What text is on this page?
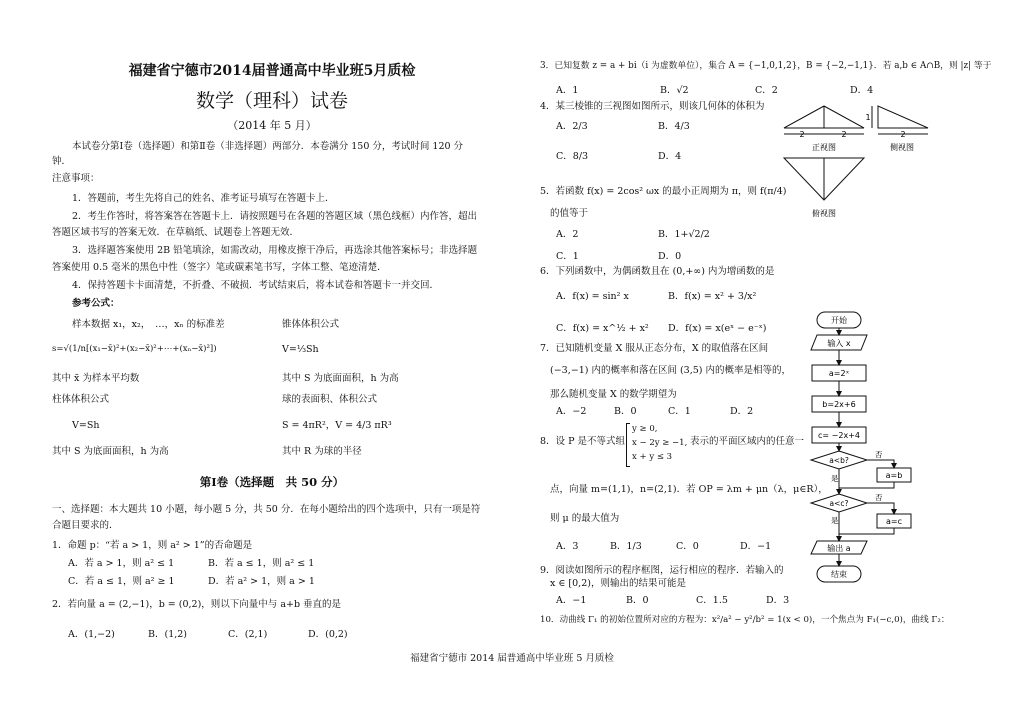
福建省宁德市2014届普通高中毕业班5月质检
数学（理科）试卷
（2014 年 5 月）
本试卷分第Ⅰ卷（选择题）和第Ⅱ卷（非选择题）两部分．本卷满分 150 分，考试时间 120 分
钟．
注意事项：
1．答题前，考生先将自己的姓名、准考证号填写在答题卡上．
2．考生作答时，将答案答在答题卡上．请按照题号在各题的答题区域（黑色线框）内作答，超出
答题区域书写的答案无效．在草稿纸、试题卷上答题无效．
3．选择题答案使用 2B 铅笔填涂，如需改动，用橡皮擦干净后，再选涂其他答案标号；非选择题
答案使用 0.5 毫米的黑色中性（签字）笔或碳素笔书写，字体工整、笔迹清楚．
4．保持答题卡卡面清楚，不折叠、不破损．考试结束后，将本试卷和答题卡一并交回．
参考公式：
样本数据 x₁，x₂，　…，xₙ 的标准差	锥体体积公式
s=√(1/n[(x₁−x̄)²+(x₂−x̄)²+⋯+(xₙ−x̄)²])	V=⅓Sh
其中 x̄ 为样本平均数	其中 S 为底面面积，h 为高
柱体体积公式	球的表面积、体积公式
V=Sh	S = 4πR²，V = 4/3 πR³
其中 S 为底面面积，h 为高	其中 R 为球的半径
第Ⅰ卷（选择题　共 50 分）
一、选择题：本大题共 10 小题，每小题 5 分，共 50 分．在每小题给出的四个选项中，只有一项是符
合题目要求的．
1．命题 p：“若 a > 1，则 a² > 1”的否命题是
A．若 a > 1，则 a² ≤ 1	B．若 a ≤ 1，则 a² ≤ 1
C．若 a ≤ 1，则 a² ≥ 1	D．若 a² > 1，则 a > 1
2．若向量 a = (2,−1)，b = (0,2)，则以下向量中与 a+b 垂直的是
A．(1,−2)	B．(1,2)	C．(2,1)	D．(0,2)
3．已知复数 z = a + bi（i 为虚数单位），集合 A = {−1,0,1,2}，B = {−2,−1,1}．若 a,b ∈ A∩B，则 |z| 等于
A．1	B．√2	C．2	D．4
4．某三棱锥的三视图如图所示，则该几何体的体积为
A．2/3	B．4/3
C．8/3	D．4
5．若函数 f(x) = 2cos² ωx 的最小正周期为 π，则 f(π/4)
的值等于
A．2	B．1+√2/2
C．1	D．0
6．下列函数中，为偶函数且在 (0,+∞) 内为增函数的是
A．f(x) = sin² x	B．f(x) = x² + 3/x²
C．f(x) = x^½ + x² D．f(x) = x(eˣ − e⁻ˣ)
7．已知随机变量 X 服从正态分布，X 的取值落在区间
(−3,−1) 内的概率和落在区间 (3,5) 内的概率是相等的，
那么随机变量 X 的数学期望为
A．−2	B．0	C．1	D．2
8．设 P 是不等式组
y ≥ 0,
x − 2y ≥ −1,
x + y ≤ 3
表示的平面区域内的任意一
点，向量 m=(1,1)，n=(2,1)．若 OP = λm + μn（λ，μ∈R），
则 μ 的最大值为
A．3	B．1/3	C．0	D．−1
9．阅读如图所示的程序框图，运行相应的程序．若输入的
x ∈ [0,2)，则输出的结果可能是
A．−1	B．0	C．1.5	D．3
10．动曲线 Γ₁ 的初始位置所对应的方程为：x²/a² − y²/b² = 1(x < 0)，一个焦点为 F₁(−c,0)，曲线 Γ₂：
2	2	2
1
正视图	侧视图
俯视图
开始
输入 x
a=2ˣ
b=2x+6
c= −2x+4
a<b?
否
是	a=b
a<c?
否
是	a=c
输出 a
结束
福建省宁德市 2014 届普通高中毕业班 5 月质检
